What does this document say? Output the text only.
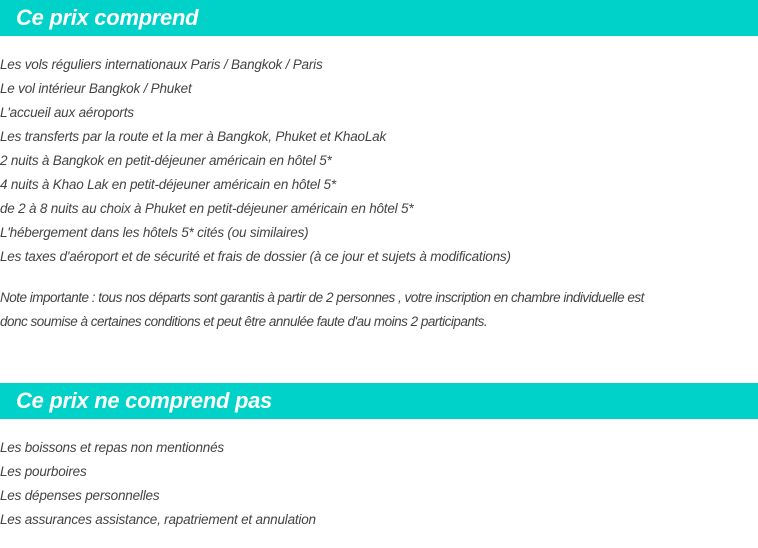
Ce prix comprend
Les vols réguliers internationaux Paris / Bangkok / Paris
Le vol intérieur Bangkok / Phuket
L'accueil aux aéroports
Les transferts par la route et la mer à Bangkok, Phuket et KhaoLak
2 nuits à Bangkok en petit-déjeuner américain en hôtel 5*
4 nuits à Khao Lak en petit-déjeuner américain en hôtel 5*
de 2 à 8 nuits au choix à Phuket en petit-déjeuner américain en hôtel 5*
L'hébergement dans les hôtels 5* cités (ou similaires)
Les taxes d'aéroport et de sécurité et frais de dossier (à ce jour et sujets à modifications)

Note importante : tous nos départs sont garantis à partir de 2 personnes , votre inscription en chambre individuelle est
donc soumise à certaines conditions et peut être annulée faute d'au moins 2 participants.

Ce prix ne comprend pas
Les boissons et repas non mentionnés
Les pourboires
Les dépenses personnelles
Les assurances assistance, rapatriement et annulation
